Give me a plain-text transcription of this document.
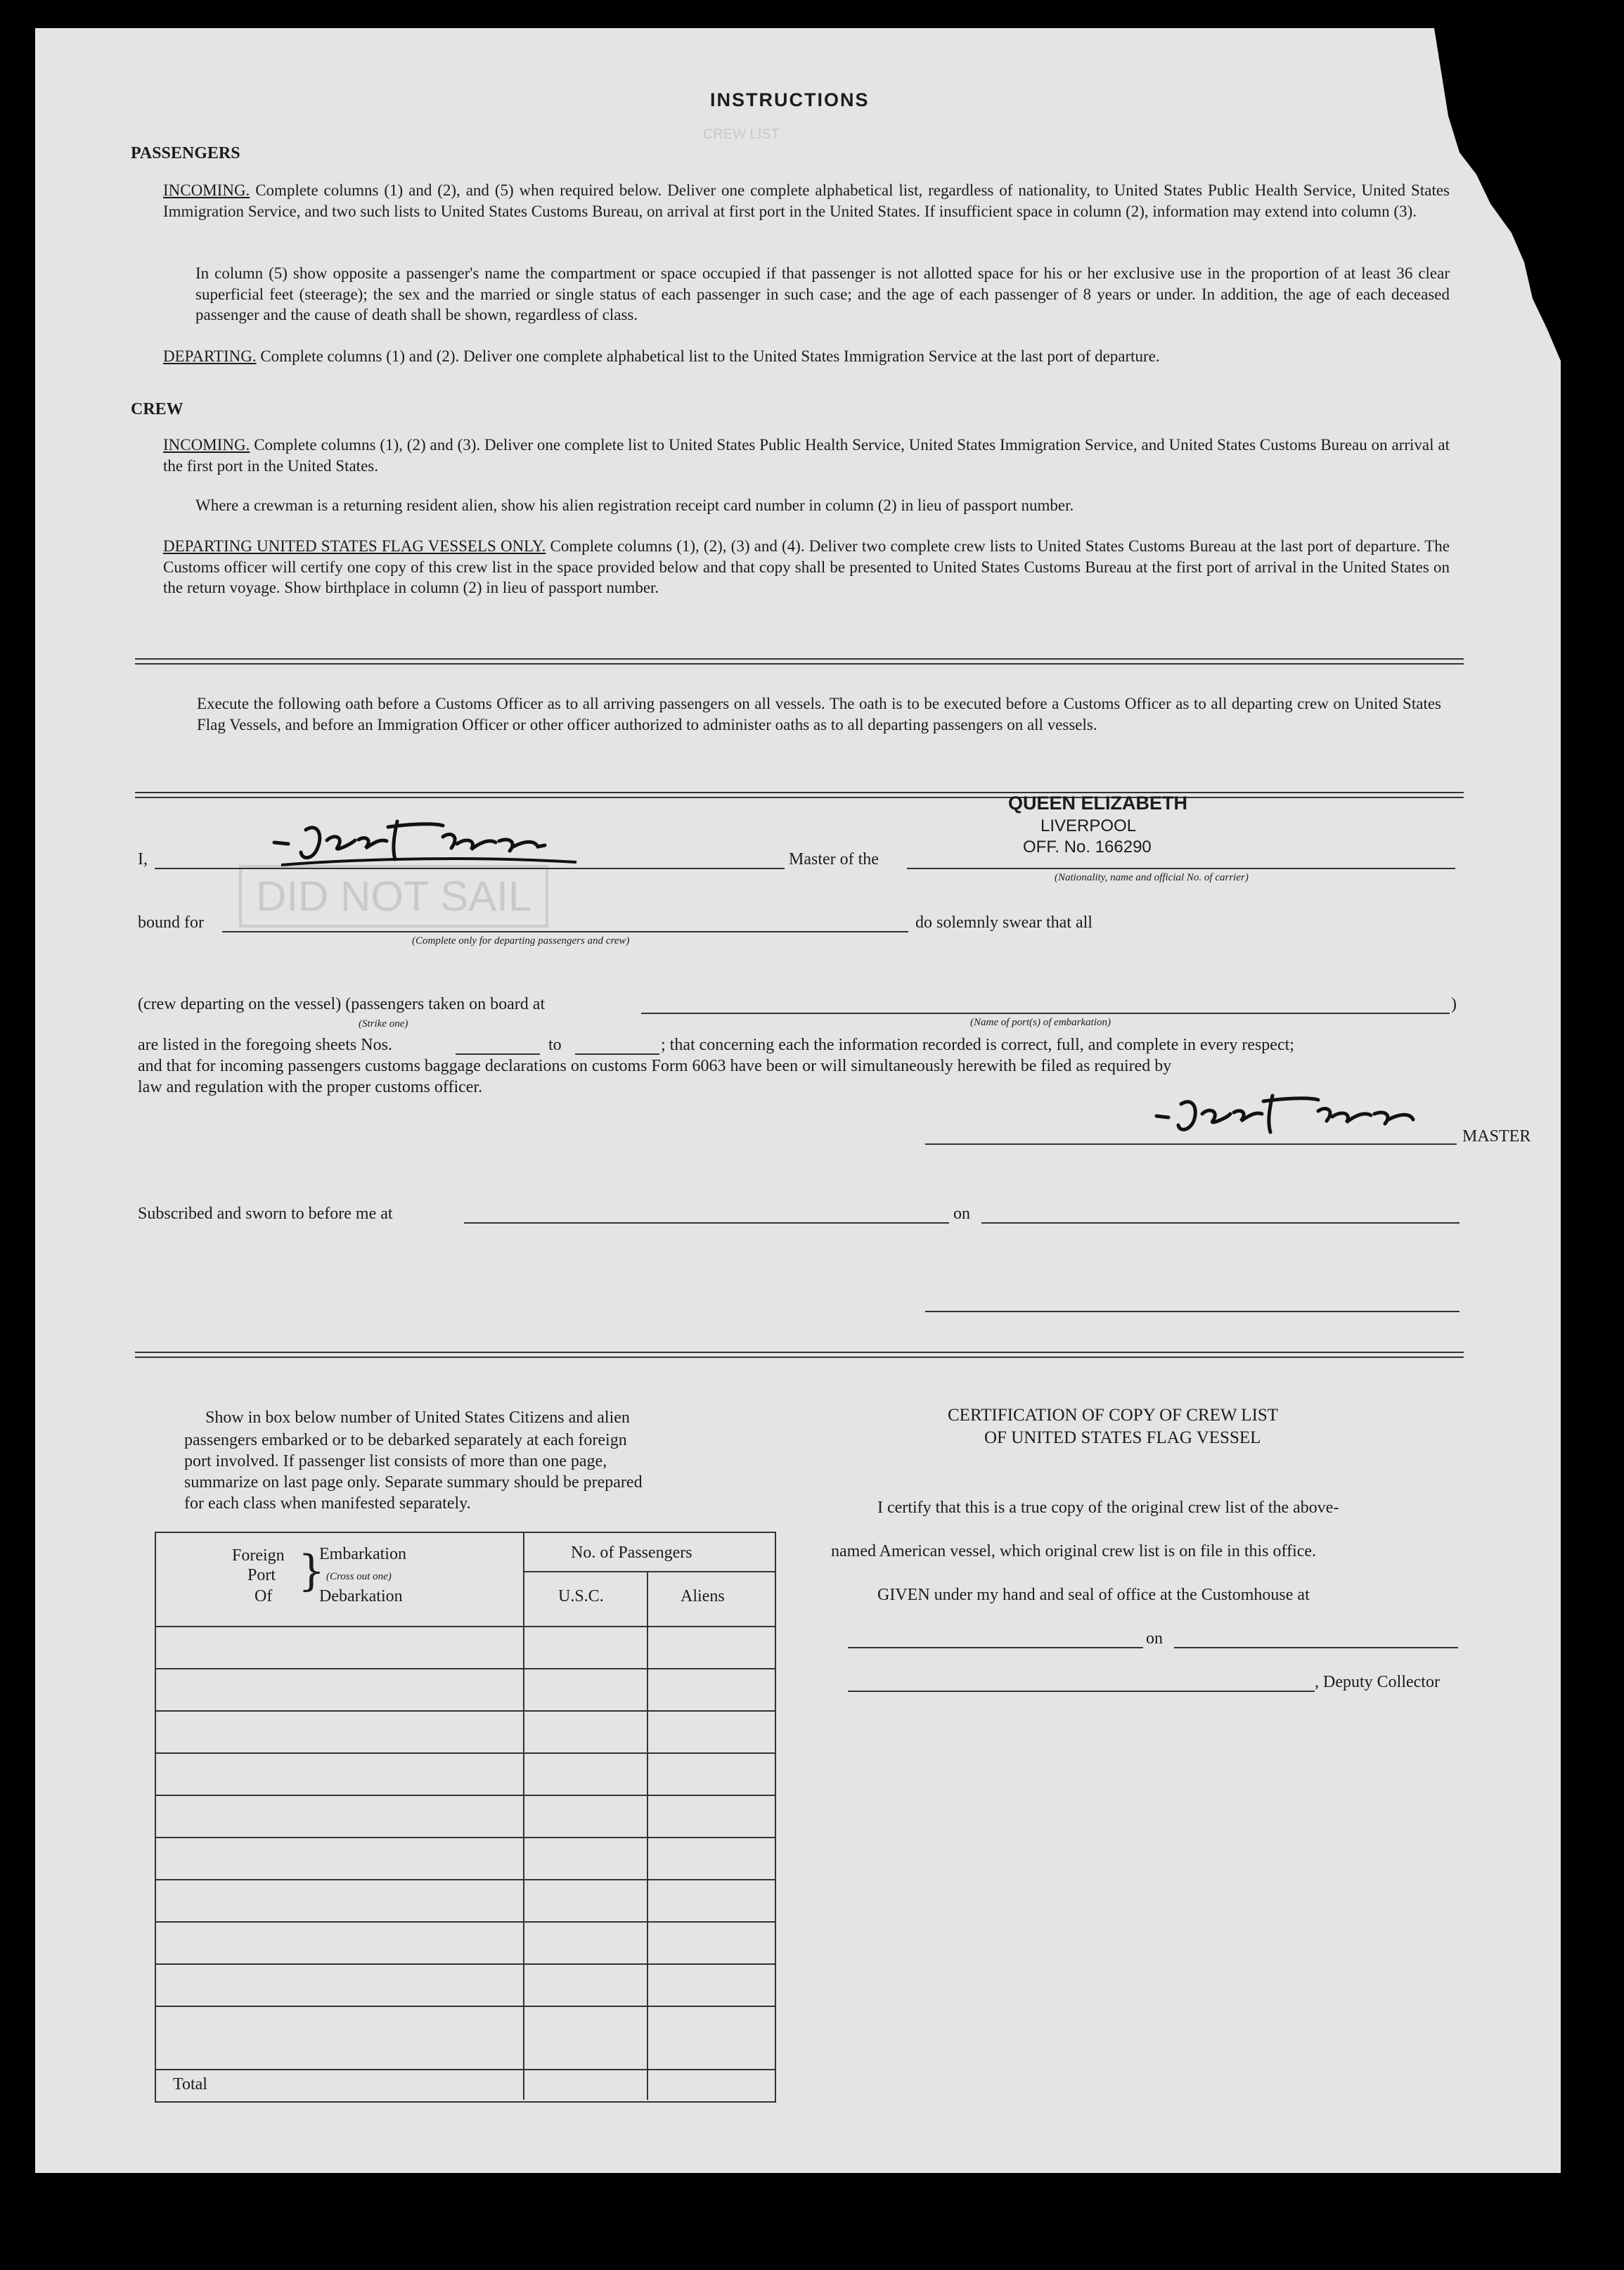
CREW LIST
DID NOT SAIL
INSTRUCTIONS
PASSENGERS
INCOMING. Complete columns (1) and (2), and (5) when required below. Deliver one complete alphabetical list, regardless of nationality, to United States Public Health Service, United States Immigration Service, and two such lists to United States Customs Bureau, on arrival at first port in the United States. If insufficient space in column (2), information may extend into column (3).
In column (5) show opposite a passenger's name the compartment or space occupied if that passenger is not allotted space for his or her exclusive use in the proportion of at least 36 clear superficial feet (steerage); the sex and the married or single status of each passenger in such case; and the age of each passenger of 8 years or under. In addition, the age of each deceased passenger and the cause of death shall be shown, regardless of class.
DEPARTING. Complete columns (1) and (2). Deliver one complete alphabetical list to the United States Immigration Service at the last port of departure.
CREW
INCOMING. Complete columns (1), (2) and (3). Deliver one complete list to United States Public Health Service, United States Immigration Service, and United States Customs Bureau on arrival at the first port in the United States.
Where a crewman is a returning resident alien, show his alien registration receipt card number in column (2) in lieu of passport number.
DEPARTING UNITED STATES FLAG VESSELS ONLY. Complete columns (1), (2), (3) and (4). Deliver two complete crew lists to United States Customs Bureau at the last port of departure. The Customs officer will certify one copy of this crew list in the space provided below and that copy shall be presented to United States Customs Bureau at the first port of arrival in the United States on the return voyage. Show birthplace in column (2) in lieu of passport number.
Execute the following oath before a Customs Officer as to all arriving passengers on all vessels. The oath is to be executed before a Customs Officer as to all departing crew on United States Flag Vessels, and before an Immigration Officer or other officer authorized to administer oaths as to all departing passengers on all vessels.
I,	Master of the
QUEEN ELIZABETH
LIVERPOOL
OFF. No. 166290
(Nationality, name and official No. of carrier)
bound for
(Complete only for departing passengers and crew)
do solemnly swear that all
(crew departing on the vessel) (passengers taken on board at
(Strike one)	(Name of port(s) of embarkation)
)
are listed in the foregoing sheets Nos.	to	; that concerning each the information recorded is correct, full, and complete in every respect;
and that for incoming passengers customs baggage declarations on customs Form 6063 have been or will simultaneously herewith be filed as required by
law and regulation with the proper customs officer.
MASTER
Subscribed and sworn to before me at	on
Show in box below number of United States Citizens and alien
passengers embarked or to be debarked separately at each foreign
port involved. If passenger list consists of more than one page,
summarize on last page only. Separate summary should be prepared
for each class when manifested separately.
Foreign
Port
Of
}
Embarkation
(Cross out one)
Debarkation
No. of Passengers
U.S.C.	Aliens
Total
CERTIFICATION OF COPY OF CREW LIST
OF UNITED STATES FLAG VESSEL
I certify that this is a true copy of the original crew list of the above-
named American vessel, which original crew list is on file in this office.
GIVEN under my hand and seal of office at the Customhouse at
on
, Deputy Collector
